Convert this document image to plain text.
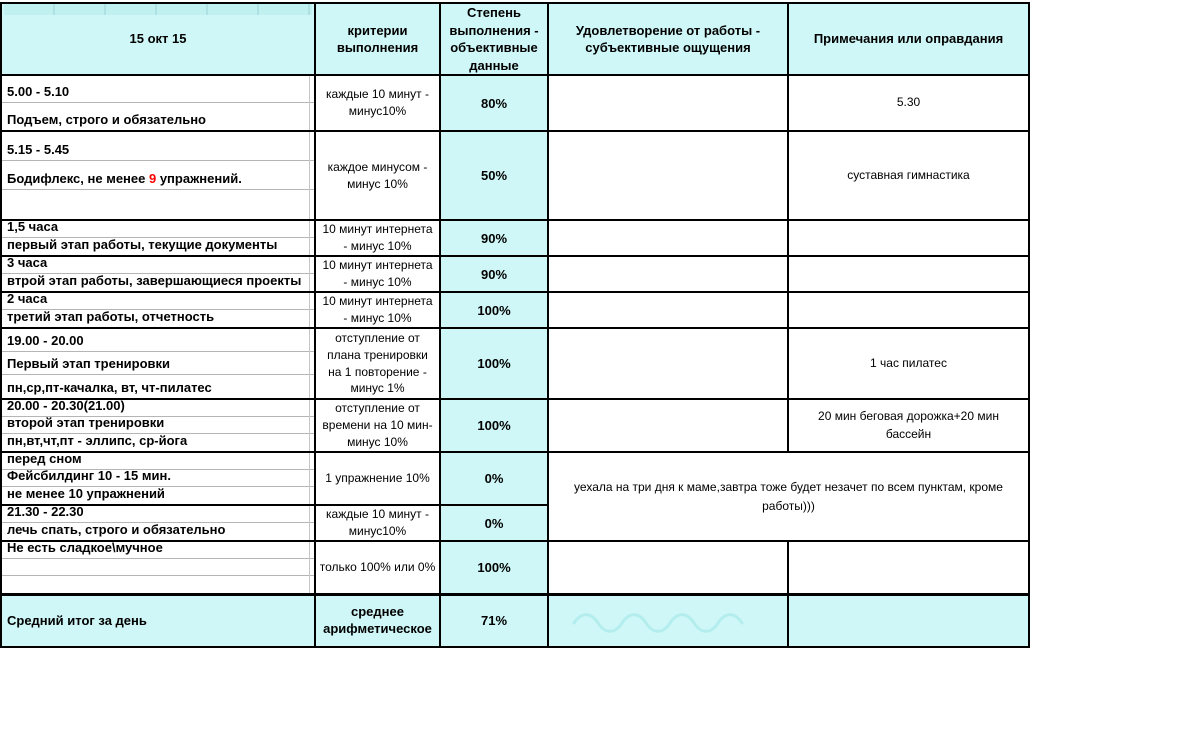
15 окт 15	критерии выполнения	Степень выполнения - объективные данные	Удовлетворение от работы - субъективные ощущения	Примечания или оправдания

5.00 - 5.10
Подъем, строго и обязательно	каждые 10 минут - минус10%	80%		5.30

5.15 - 5.45
Бодифлекс, не менее 9 упражнений.	каждое минусом - минус 10%	50%		суставная гимнастика

1,5 часа
первый этап работы, текущие документы	10 минут интернета - минус 10%	90%		

3 часа
втрой этап работы, завершающиеся проекты	10 минут интернета - минус 10%	90%		

2 часа
третий этап работы, отчетность	10 минут интернета - минус 10%	100%		

19.00 - 20.00
Первый этап тренировки
пн,ср,пт-качалка, вт, чт-пилатес	отступление от плана тренировки на 1 повторение - минус 1%	100%		1 час пилатес

20.00 - 20.30(21.00)
второй этап тренировки
пн,вт,чт,пт - эллипс, ср-йога	отступление от времени на 10 мин- минус 10%	100%		20 мин беговая дорожка+20 мин бассейн

перед сном
Фейсбилдинг 10 - 15 мин.
не менее 10 упражнений	1 упражнение 10%	0%	уехала на три дня к маме,завтра тоже будет незачет по всем пунктам, кроме работы)))	

21.30 - 22.30
лечь спать, строго и обязательно	каждые 10 минут - минус10%	0%		

Не есть сладкое\мучное	только 100% или 0%	100%		
Средний итог за день	среднее арифметическое	71%		
